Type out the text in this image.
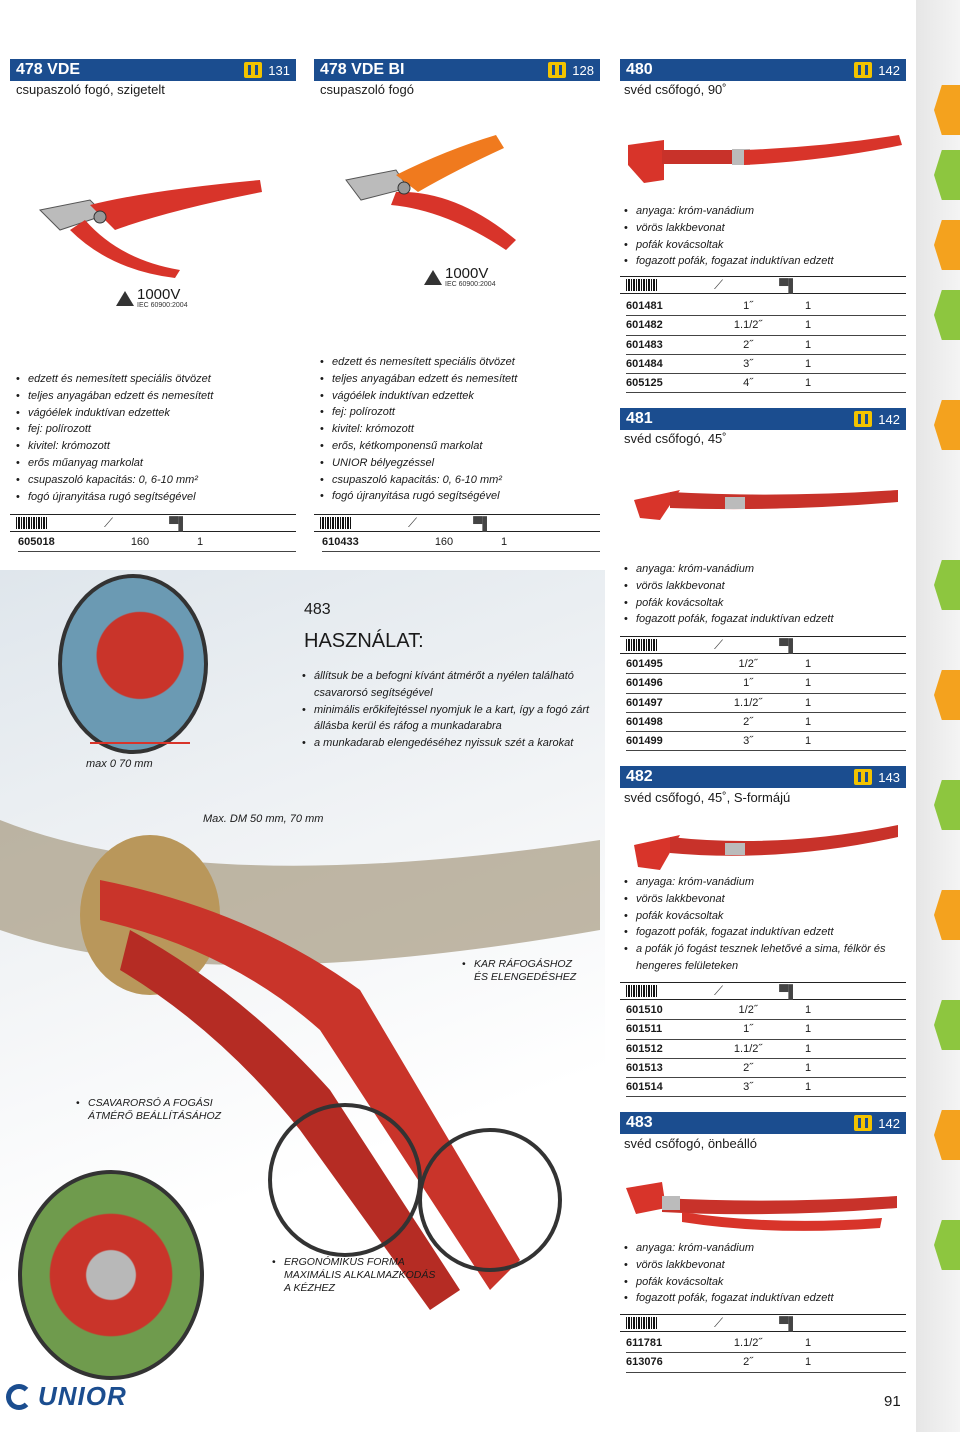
478 VDE	131
csupaszoló fogó, szigetelt
1000V
IEC 60900:2004
• edzett és nemesített speciális ötvözet
• teljes anyagában edzett és nemesített
• vágóélek induktívan edzettek
• fej: polírozott
• kivitel: krómozott
• erős műanyag markolat
• csupaszoló kapacitás: 0, 6-10 mm²
• fogó újranyitása rugó segítségével
⟋	▀▌
605018	160	1
478 VDE BI	128
csupaszoló fogó
1000V
IEC 60900:2004
• edzett és nemesített speciális ötvözet
• teljes anyagában edzett és nemesített
• vágóélek induktívan edzettek
• fej: polírozott
• kivitel: krómozott
• erős, kétkomponensű markolat
• UNIOR bélyegzéssel
• csupaszoló kapacitás: 0, 6-10 mm²
• fogó újranyitása rugó segítségével
⟋	▀▌
610433	160	1
480	142
svéd csőfogó, 90˚
• anyaga: króm-vanádium
• vörös lakkbevonat
• pofák kovácsoltak
• fogazott pofák, fogazat induktívan edzett
⟋	▀▌
601481	1˝	1
601482	1.1/2˝	1
601483	2˝	1
601484	3˝	1
605125	4˝	1
481	142
svéd csőfogó, 45˚
• anyaga: króm-vanádium
• vörös lakkbevonat
• pofák kovácsoltak
• fogazott pofák, fogazat induktívan edzett
⟋	▀▌
601495	1/2˝	1
601496	1˝	1
601497	1.1/2˝	1
601498	2˝	1
601499	3˝	1
482	143
svéd csőfogó, 45˚, S-formájú
• anyaga: króm-vanádium
• vörös lakkbevonat
• pofák kovácsoltak
• fogazott pofák, fogazat induktívan edzett
• a pofák jó fogást tesznek lehetővé a sima, félkör és hengeres felületeken
⟋	▀▌
601510	1/2˝	1
601511	1˝	1
601512	1.1/2˝	1
601513	2˝	1
601514	3˝	1
483	142
svéd csőfogó, önbeálló
• anyaga: króm-vanádium
• vörös lakkbevonat
• pofák kovácsoltak
• fogazott pofák, fogazat induktívan edzett
⟋	▀▌
611781	1.1/2˝	1
613076	2˝	1
483
HASZNÁLAT:
• állítsuk be a befogni kívánt átmérőt a nyélen található csavarorsó segítségével
• minimális erőkifejtéssel nyomjuk le a kart, így a fogó zárt állásba kerül és ráfog a munkadarabra
• a munkadarab elengedéséhez nyissuk szét a karokat
max 0 70 mm
Max. DM 50 mm, 70 mm
• KAR RÁFOGÁSHOZ ÉS ELENGEDÉSHEZ
• CSAVARORSÓ A FOGÁSI ÁTMÉRŐ BEÁLLÍTÁSÁHOZ
• ERGONÓMIKUS FORMA MAXIMÁLIS ALKALMAZKODÁS A KÉZHEZ
UNIOR	91
